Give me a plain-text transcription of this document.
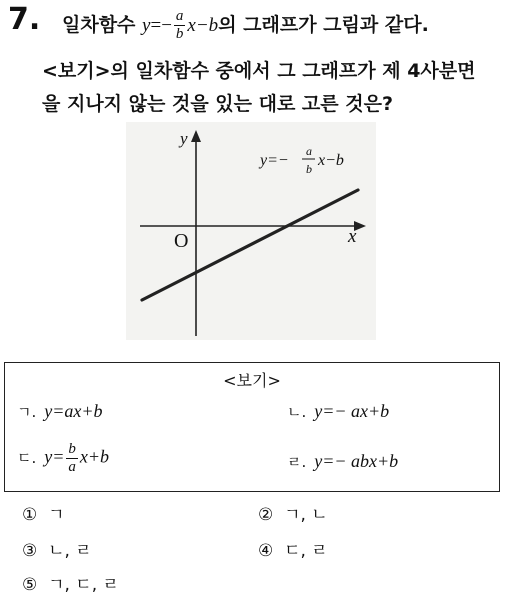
7. 일차함수 $y=- \frac{a}{b} x-b$의 그래프가 그림과 같다.
<보기>의 일차함수 중에서 그 그래프가 제 4사분면
을 지나지 않는 것을 있는 대로 고른 것은?
y
x
O
y=−
a
b x−b
<보기>
ㄱ. y=ax+b	ㄴ. y=− ax+b
ㄷ. $y= \frac{b}{a} x+b$	ㄹ. y=− abx+b
① ㄱ	② ㄱ, ㄴ
③ ㄴ, ㄹ	④ ㄷ, ㄹ
⑤ ㄱ, ㄷ, ㄹ
